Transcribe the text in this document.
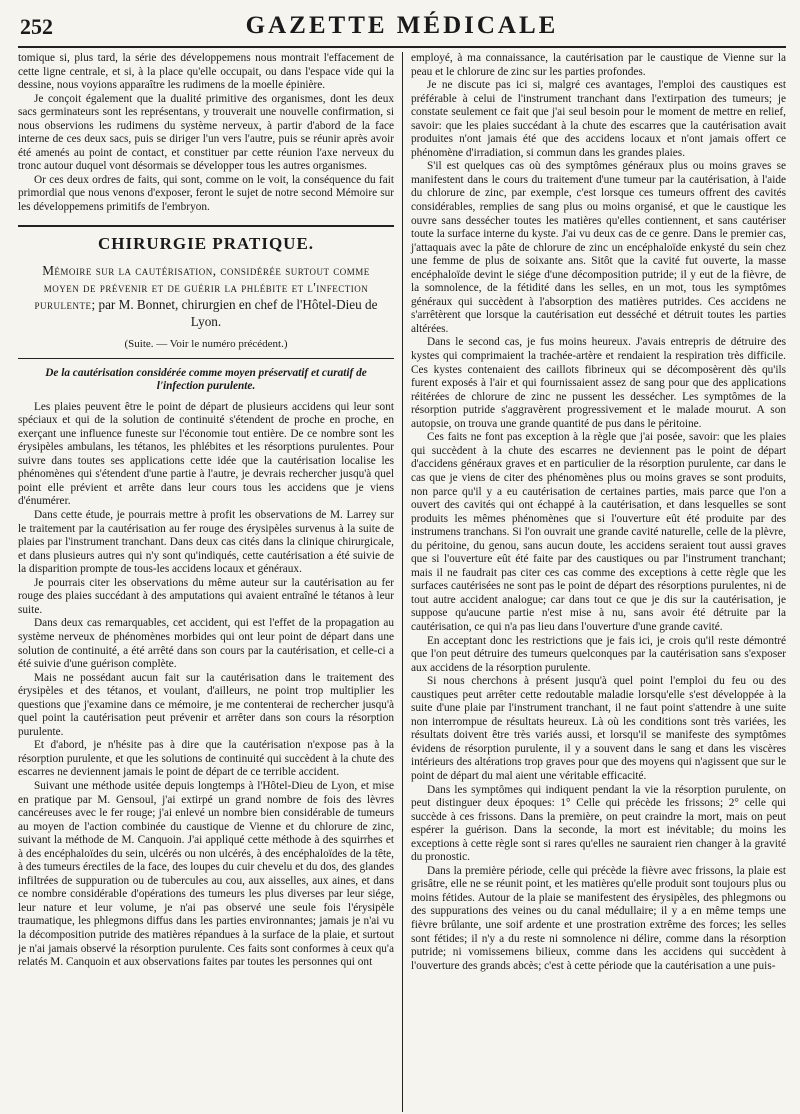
252	GAZETTE MÉDICALE

tomique si, plus tard, la série des développemens nous montrait l'effacement de cette ligne centrale, et si, à la place qu'elle occupait, ou dans l'espace vide qui la dessine, nous voyions apparaître les rudimens de la moelle épinière.

Je conçoit également que la dualité primitive des organismes, dont les deux sacs germinateurs sont les représentans, y trouverait une nouvelle confirmation, si nous observions les rudimens du système nerveux, à partir d'abord de la face interne de ces deux sacs, puis se diriger l'un vers l'autre, puis se réunir après avoir été amenés au point de contact, et constituer par cette réunion l'axe nerveux du tronc autour duquel vont désormais se développer tous les autres organismes.

Or ces deux ordres de faits, qui sont, comme on le voit, la conséquence du fait primordial que nous venons d'exposer, feront le sujet de notre second Mémoire sur les développemens primitifs de l'embryon.

CHIRURGIE PRATIQUE.

Mémoire sur la cautérisation, considérée surtout comme moyen de prévenir et de guérir la phlébite et l'infection purulente; par M. Bonnet, chirurgien en chef de l'Hôtel-Dieu de Lyon.

(Suite. — Voir le numéro précédent.)
De la cautérisation considérée comme moyen préservatif et curatif de l'infection purulente.

Les plaies peuvent être le point de départ de plusieurs accidens qui leur sont spéciaux et qui de la solution de continuité s'étendent de proche en proche, en exerçant une influence funeste sur l'économie tout entière. De ce nombre sont les érysipèles ambulans, les tétanos, les phlébites et les résorptions purulentes. Pour suivre dans toutes ses applications cette idée que la cautérisation localise les phénomènes qui s'étendent d'une partie à l'autre, je devrais rechercher jusqu'à quel point elle prévient et arrête dans leur cours tous les accidens que je viens d'énumérer.

Dans cette étude, je pourrais mettre à profit les observations de M. Larrey sur le traitement par la cautérisation au fer rouge des érysipèles survenus à la suite de plaies par l'instrument tranchant. Dans deux cas cités dans la clinique chirurgicale, et dans plusieurs autres qui n'y sont qu'indiqués, cette cautérisation a été suivie de la disparition prompte de tous-les accidens locaux et généraux.

Je pourrais citer les observations du même auteur sur la cautérisation au fer rouge des plaies succédant à des amputations qui avaient entraîné le tétanos à leur suite.

Dans deux cas remarquables, cet accident, qui est l'effet de la propagation au système nerveux de phénomènes morbides qui ont leur point de départ dans une solution de continuité, a été arrêté dans son cours par la cautérisation, et celle-ci a été suivie d'une guérison complète.

Mais ne possédant aucun fait sur la cautérisation dans le traitement des érysipèles et des tétanos, et voulant, d'ailleurs, ne point trop multiplier les questions que j'examine dans ce mémoire, je me contenterai de rechercher jusqu'à quel point la cautérisation peut prévenir et arrêter dans son cours la résorption purulente.

Et d'abord, je n'hésite pas à dire que la cautérisation n'expose pas à la résorption purulente, et que les solutions de continuité qui succèdent à la chute des escarres ne deviennent jamais le point de départ de ce terrible accident.

Suivant une méthode usitée depuis longtemps à l'Hôtel-Dieu de Lyon, et mise en pratique par M. Gensoul, j'ai extirpé un grand nombre de fois des lèvres cancéreuses avec le fer rouge; j'ai enlevé un nombre bien considérable de tumeurs au moyen de l'action combinée du caustique de Vienne et du chlorure de zinc, suivant la méthode de M. Canquoin. J'ai appliqué cette méthode à des squirrhes et à des encéphaloïdes du sein, ulcérés ou non ulcérés, à des encéphaloïdes de la tête, à des tumeurs érectiles de la face, des loupes du cuir chevelu et du dos, des glandes infiltrées de suppuration ou de tubercules au cou, aux aisselles, aux aines, et dans ce nombre considérable d'opérations des tumeurs les plus diverses par leur siége, leur nature et leur volume, je n'ai pas observé une seule fois l'érysipèle traumatique, les phlegmons diffus dans les parties environnantes; jamais je n'ai vu la décomposition putride des matières répandues à la surface de la plaie, et surtout je n'ai jamais observé la résorption purulente. Ces faits sont conformes à ceux qu'a relatés M. Canquoin et aux observations faites par toutes les personnes qui ont

employé, à ma connaissance, la cautérisation par le caustique de Vienne sur la peau et le chlorure de zinc sur les parties profondes.

Je ne discute pas ici si, malgré ces avantages, l'emploi des caustiques est préférable à celui de l'instrument tranchant dans l'extirpation des tumeurs; je constate seulement ce fait que j'ai seul besoin pour le moment de mettre en relief, savoir: que les plaies succédant à la chute des escarres que la cautérisation avait produites n'ont jamais été que des accidens locaux et n'ont jamais offert ce phénomène d'irradiation, si commun dans les grandes plaies.

S'il est quelques cas où des symptômes généraux plus ou moins graves se manifestent dans le cours du traitement d'une tumeur par la cautérisation, à l'aide du chlorure de zinc, par exemple, c'est lorsque ces tumeurs offrent des cavités considérables, remplies de sang plus ou moins organisé, et que le caustique les ouvre sans dessécher toutes les matières qu'elles contiennent, et sans cautériser toute la surface interne du kyste. J'ai vu deux cas de ce genre. Dans le premier cas, j'attaquais avec la pâte de chlorure de zinc un encéphaloïde enkysté du sein chez une femme de plus de soixante ans. Sitôt que la cavité fut ouverte, la masse encéphaloïde devint le siége d'une décomposition putride; il y eut de la fièvre, de la somnolence, de la fétidité dans les selles, en un mot, tous les symptômes généraux qui succèdent à l'absorption des matières putrides. Ces accidens ne s'arrêtèrent que lorsque la cautérisation eut desséché et détruit toutes les parties altérées.

Dans le second cas, je fus moins heureux. J'avais entrepris de détruire des kystes qui comprimaient la trachée-artère et rendaient la respiration très difficile. Ces kystes contenaient des caillots fibrineux qui se décomposèrent dès qu'ils furent exposés à l'air et qui fournissaient assez de sang pour que des applications réitérées de chlorure de zinc ne pussent les dessécher. Les symptômes de la résorption putride s'aggravèrent progressivement et le malade mourut. A son autopsie, on trouva une grande quantité de pus dans le péritoine.

Ces faits ne font pas exception à la règle que j'ai posée, savoir: que les plaies qui succèdent à la chute des escarres ne deviennent pas le point de départ d'accidens généraux graves et en particulier de la résorption purulente, car dans le cas que je viens de citer des phénomènes plus ou moins graves se sont produits, non parce qu'il y a eu cautérisation de certaines parties, mais parce que l'on a ouvert des cavités qui ont échappé à la cautérisation, et dans lesquelles se sont produits les mêmes phénomènes que si l'ouverture eût été produite par des instrumens tranchans. Si l'on ouvrait une grande cavité naturelle, celle de la plèvre, du péritoine, du genou, sans aucun doute, les accidens seraient tout aussi graves que si l'ouverture eût été faite par des caustiques ou par l'instrument tranchant; mais il ne faudrait pas citer ces cas comme des exceptions à cette règle que les surfaces cautérisées ne sont pas le point de départ des résorptions purulentes, ni de tout autre accident analogue; car dans tout ce que je dis sur la cautérisation, je suppose qu'aucune partie n'est mise à nu, sans avoir été détruite par la cautérisation, ce qui n'a pas lieu dans l'ouverture d'une grande cavité.

En acceptant donc les restrictions que je fais ici, je crois qu'il reste démontré que l'on peut détruire des tumeurs quelconques par la cautérisation sans s'exposer aux accidens de la résorption purulente.

Si nous cherchons à présent jusqu'à quel point l'emploi du feu ou des caustiques peut arrêter cette redoutable maladie lorsqu'elle s'est développée à la suite d'une plaie par l'instrument tranchant, il ne faut point s'attendre à une suite non interrompue de résultats heureux. Là où les conditions sont très variées, les résultats doivent être très variés aussi, et lorsqu'il se manifeste des symptômes évidens de résorption purulente, il y a souvent dans le sang et dans les viscères intérieurs des altérations trop graves pour que des moyens qui n'agissent que sur le point de départ du mal aient une véritable efficacité.

Dans les symptômes qui indiquent pendant la vie la résorption purulente, on peut distinguer deux époques: 1° Celle qui précède les frissons; 2° celle qui succède à ces frissons. Dans la première, on peut craindre la mort, mais on peut espérer la guérison. Dans la seconde, la mort est inévitable; du moins les exceptions à cette règle sont si rares qu'elles ne sauraient rien changer à la gravité du pronostic.

Dans la première période, celle qui précède la fièvre avec frissons, la plaie est grisâtre, elle ne se réunit point, et les matières qu'elle produit sont toujours plus ou moins fétides. Autour de la plaie se manifestent des érysipèles, des phlegmons ou des suppurations des veines ou du canal médullaire; il y a en même temps une fièvre brûlante, une soif ardente et une prostration extrême des forces; les selles sont fétides; il n'y a du reste ni somnolence ni délire, comme dans la résorption putride; ni vomissemens bilieux, comme dans les accidens qui succèdent à l'ouverture des grands abcès; c'est à cette période que la cautérisation a une puis-
